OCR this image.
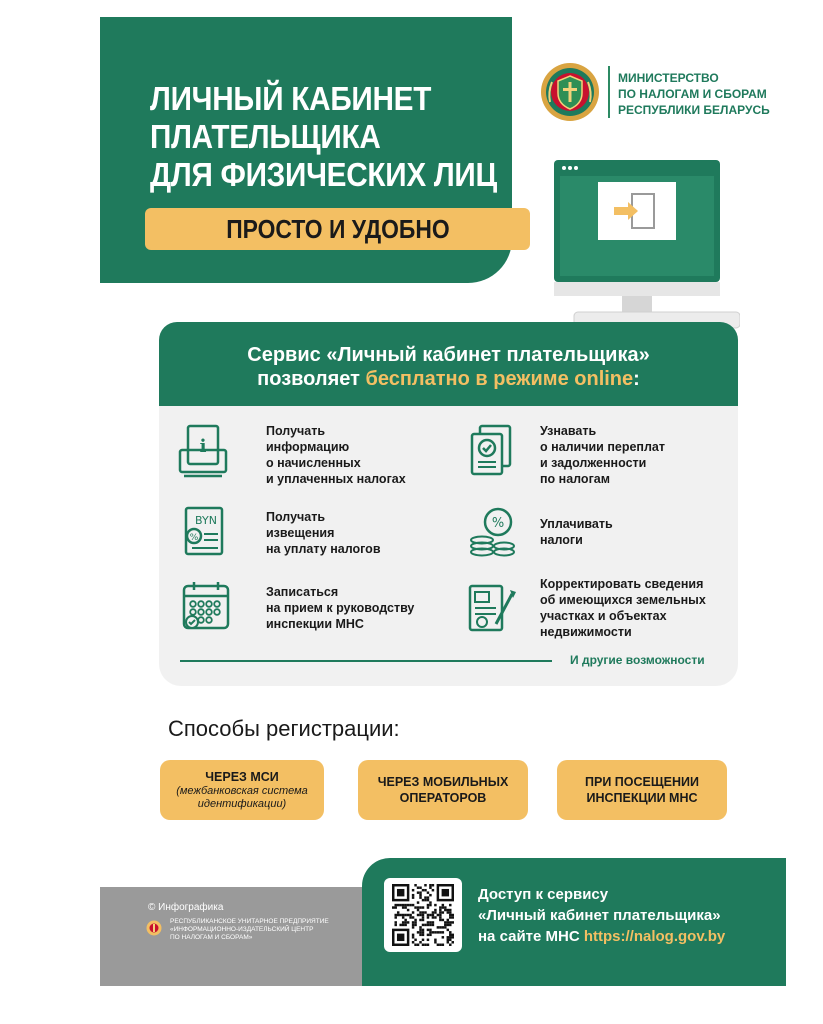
ЛИЧНЫЙ КАБИНЕТ
ПЛАТЕЛЬЩИКА
ДЛЯ ФИЗИЧЕСКИХ ЛИЦ
ПРОСТО И УДОБНО
МИНИСТЕРСТВО
ПО НАЛОГАМ И СБОРАМ
РЕСПУБЛИКИ БЕЛАРУСЬ
Сервис «Личный кабинет плательщика»
позволяет бесплатно в режиме online:
i
Получать
информацию
о начисленных
и уплаченных налогах
Узнавать
о наличии переплат
и задолженности
по налогам
BYN
%
Получать
извещения
на уплату налогов
%	Уплачивать
налоги
Записаться
на прием к руководству
инспекции МНС
Корректировать сведения
об имеющихся земельных
участках и объектах
недвижимости
И другие возможности
Способы регистрации:
ЧЕРЕЗ МСИ
(межбанковская система
идентификации)
ЧЕРЕЗ МОБИЛЬНЫХ
ОПЕРАТОРОВ
ПРИ ПОСЕЩЕНИИ
ИНСПЕКЦИИ МНС
© Инфографика
РЕСПУБЛИКАНСКОЕ УНИТАРНОЕ ПРЕДПРИЯТИЕ
«ИНФОРМАЦИОННО-ИЗДАТЕЛЬСКИЙ ЦЕНТР
ПО НАЛОГАМ И СБОРАМ»
Доступ к сервису
«Личный кабинет плательщика»
на сайте МНС https://nalog.gov.by
